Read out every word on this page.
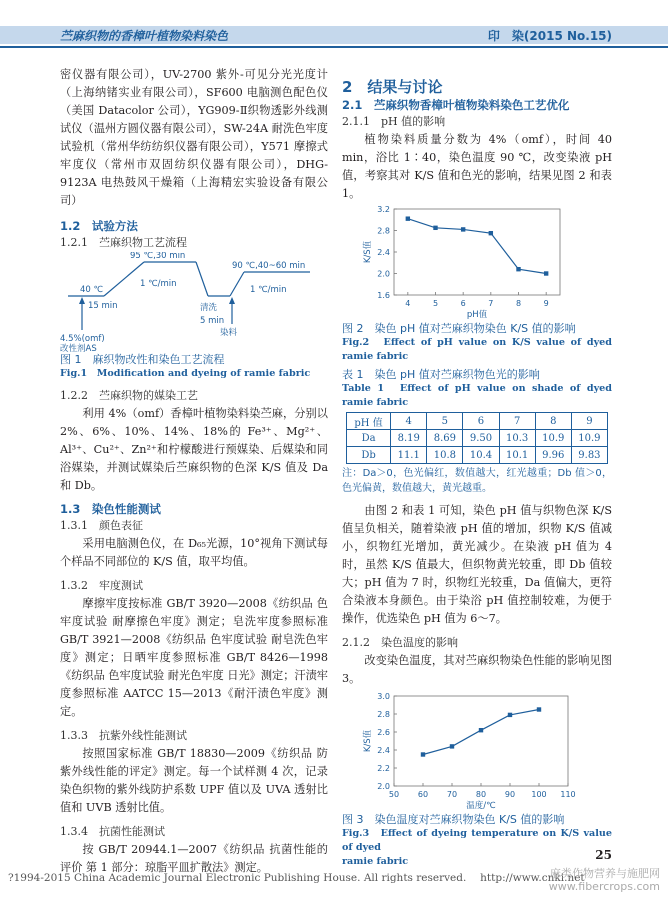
苎麻织物的香樟叶植物染料染色	印　染(2015 No.15)

密仪器有限公司），UV-2700 紫外-可见分光光度计（上海纳锗实业有限公司），SF600 电脑测色配色仪（美国 Datacolor 公司），YG909-Ⅱ织物透影外线测试仪（温州方圆仪器有限公司），SW-24A 耐洗色牢度试验机（常州华纺纺织仪器有限公司），Y571 摩擦式牢度仪（常州市双固纺织仪器有限公司），DHG-9123A 电热鼓风干燥箱（上海精宏实验设备有限公司）

1.2　试验方法

1.2.1　苎麻织物工艺流程

40 ℃
15 min
95 ℃,30 min
1 ℃/min
清洗
5 min
90 ℃,40~60 min
1 ℃/min
4.5%(omf)
改性剂AS
染料

图 1　麻织物改性和染色工艺流程

Fig.1　Modification and dyeing of ramie fabric

1.2.2　苎麻织物的媒染工艺

利用 4%（omf）香樟叶植物染料染苎麻，分别以 2%、6%、10%、14%、18%的 Fe³⁺、Mg²⁺、Al³⁺、Cu²⁺、Zn²⁺和柠檬酸进行预媒染、后媒染和同浴媒染，并测试媒染后苎麻织物的色深 K/S 值及 Da 和 Db。

1.3　染色性能测试

1.3.1　颜色表征

采用电脑测色仪，在 D₆₅光源，10°视角下测试每个样品不同部位的 K/S 值，取平均值。

1.3.2　牢度测试

摩擦牢度按标准 GB/T 3920—2008《纺织品 色牢度试验 耐摩擦色牢度》测定；皂洗牢度参照标准 GB/T 3921—2008《纺织品 色牢度试验 耐皂洗色牢度》测定；日晒牢度参照标准 GB/T 8426—1998《纺织品 色牢度试验 耐光色牢度 日光》测定；汗渍牢度参照标准 AATCC 15—2013《耐汗渍色牢度》测定。

1.3.3　抗紫外线性能测试

按照国家标准 GB/T 18830—2009《纺织品 防紫外线性能的评定》测定。每一个试样测 4 次，记录染色织物的紫外线防护系数 UPF 值以及 UVA 透射比值和 UVB 透射比值。

1.3.4　抗菌性能测试

按 GB/T 20944.1—2007《纺织品 抗菌性能的评价 第 1 部分：琼脂平皿扩散法》测定。

2　结果与讨论

2.1　苎麻织物香樟叶植物染料染色工艺优化

2.1.1　pH 值的影响

植物染料质量分数为 4%（omf），时间 40 min，浴比 1∶40，染色温度 90 ℃，改变染液 pH 值，考察其对 K/S 值和色光的影响，结果见图 2 和表 1。

1.6
2.0
2.4
2.8
3.2
4	5	6	7	8	9
pH值
K/S值

图 2　染色 pH 值对苎麻织物染色 K/S 值的影响

Fig.2　Effect of pH value on K/S value of dyed ramie fabric

表 1　染色 pH 值对苎麻织物色光的影响

Table 1　Effect of pH value on shade of dyed ramie fabric

pH 值	4	5	6	7	8	9
Da	8.19	8.69	9.50	10.3	10.9	10.9
Db	11.1	10.8	10.4	10.1	9.96	9.83

注：Da＞0，色光偏红，数值越大，红光越重；Db 值＞0，色光偏黄，数值越大，黄光越重。

由图 2 和表 1 可知，染色 pH 值与织物色深 K/S 值呈负相关，随着染液 pH 值的增加，织物 K/S 值减小，织物红光增加，黄光减少。在染液 pH 值为 4 时，虽然 K/S 值最大，但织物黄光较重，即 Db 值较大；pH 值为 7 时，织物红光较重，Da 值偏大，更符合染液本身颜色。由于染浴 pH 值控制较难，为便于操作，优选染色 pH 值为 6～7。

2.1.2　染色温度的影响

改变染色温度，其对苎麻织物染色性能的影响见图 3。

2.0
2.2
2.4
2.6
2.8
3.0
50 60 70 80 90 100 110
温度/℃
K/S值

图 3　染色温度对苎麻织物染色 K/S 值的影响

Fig.3　Effect of dyeing temperature on K/S value of dyed

ramie fabric	25
?1994-2015 China Academic Journal Electronic Publishing House. All rights reserved.　 http://www.cnki.net
麻类作物营养与施肥网
www.fibercrops.com
